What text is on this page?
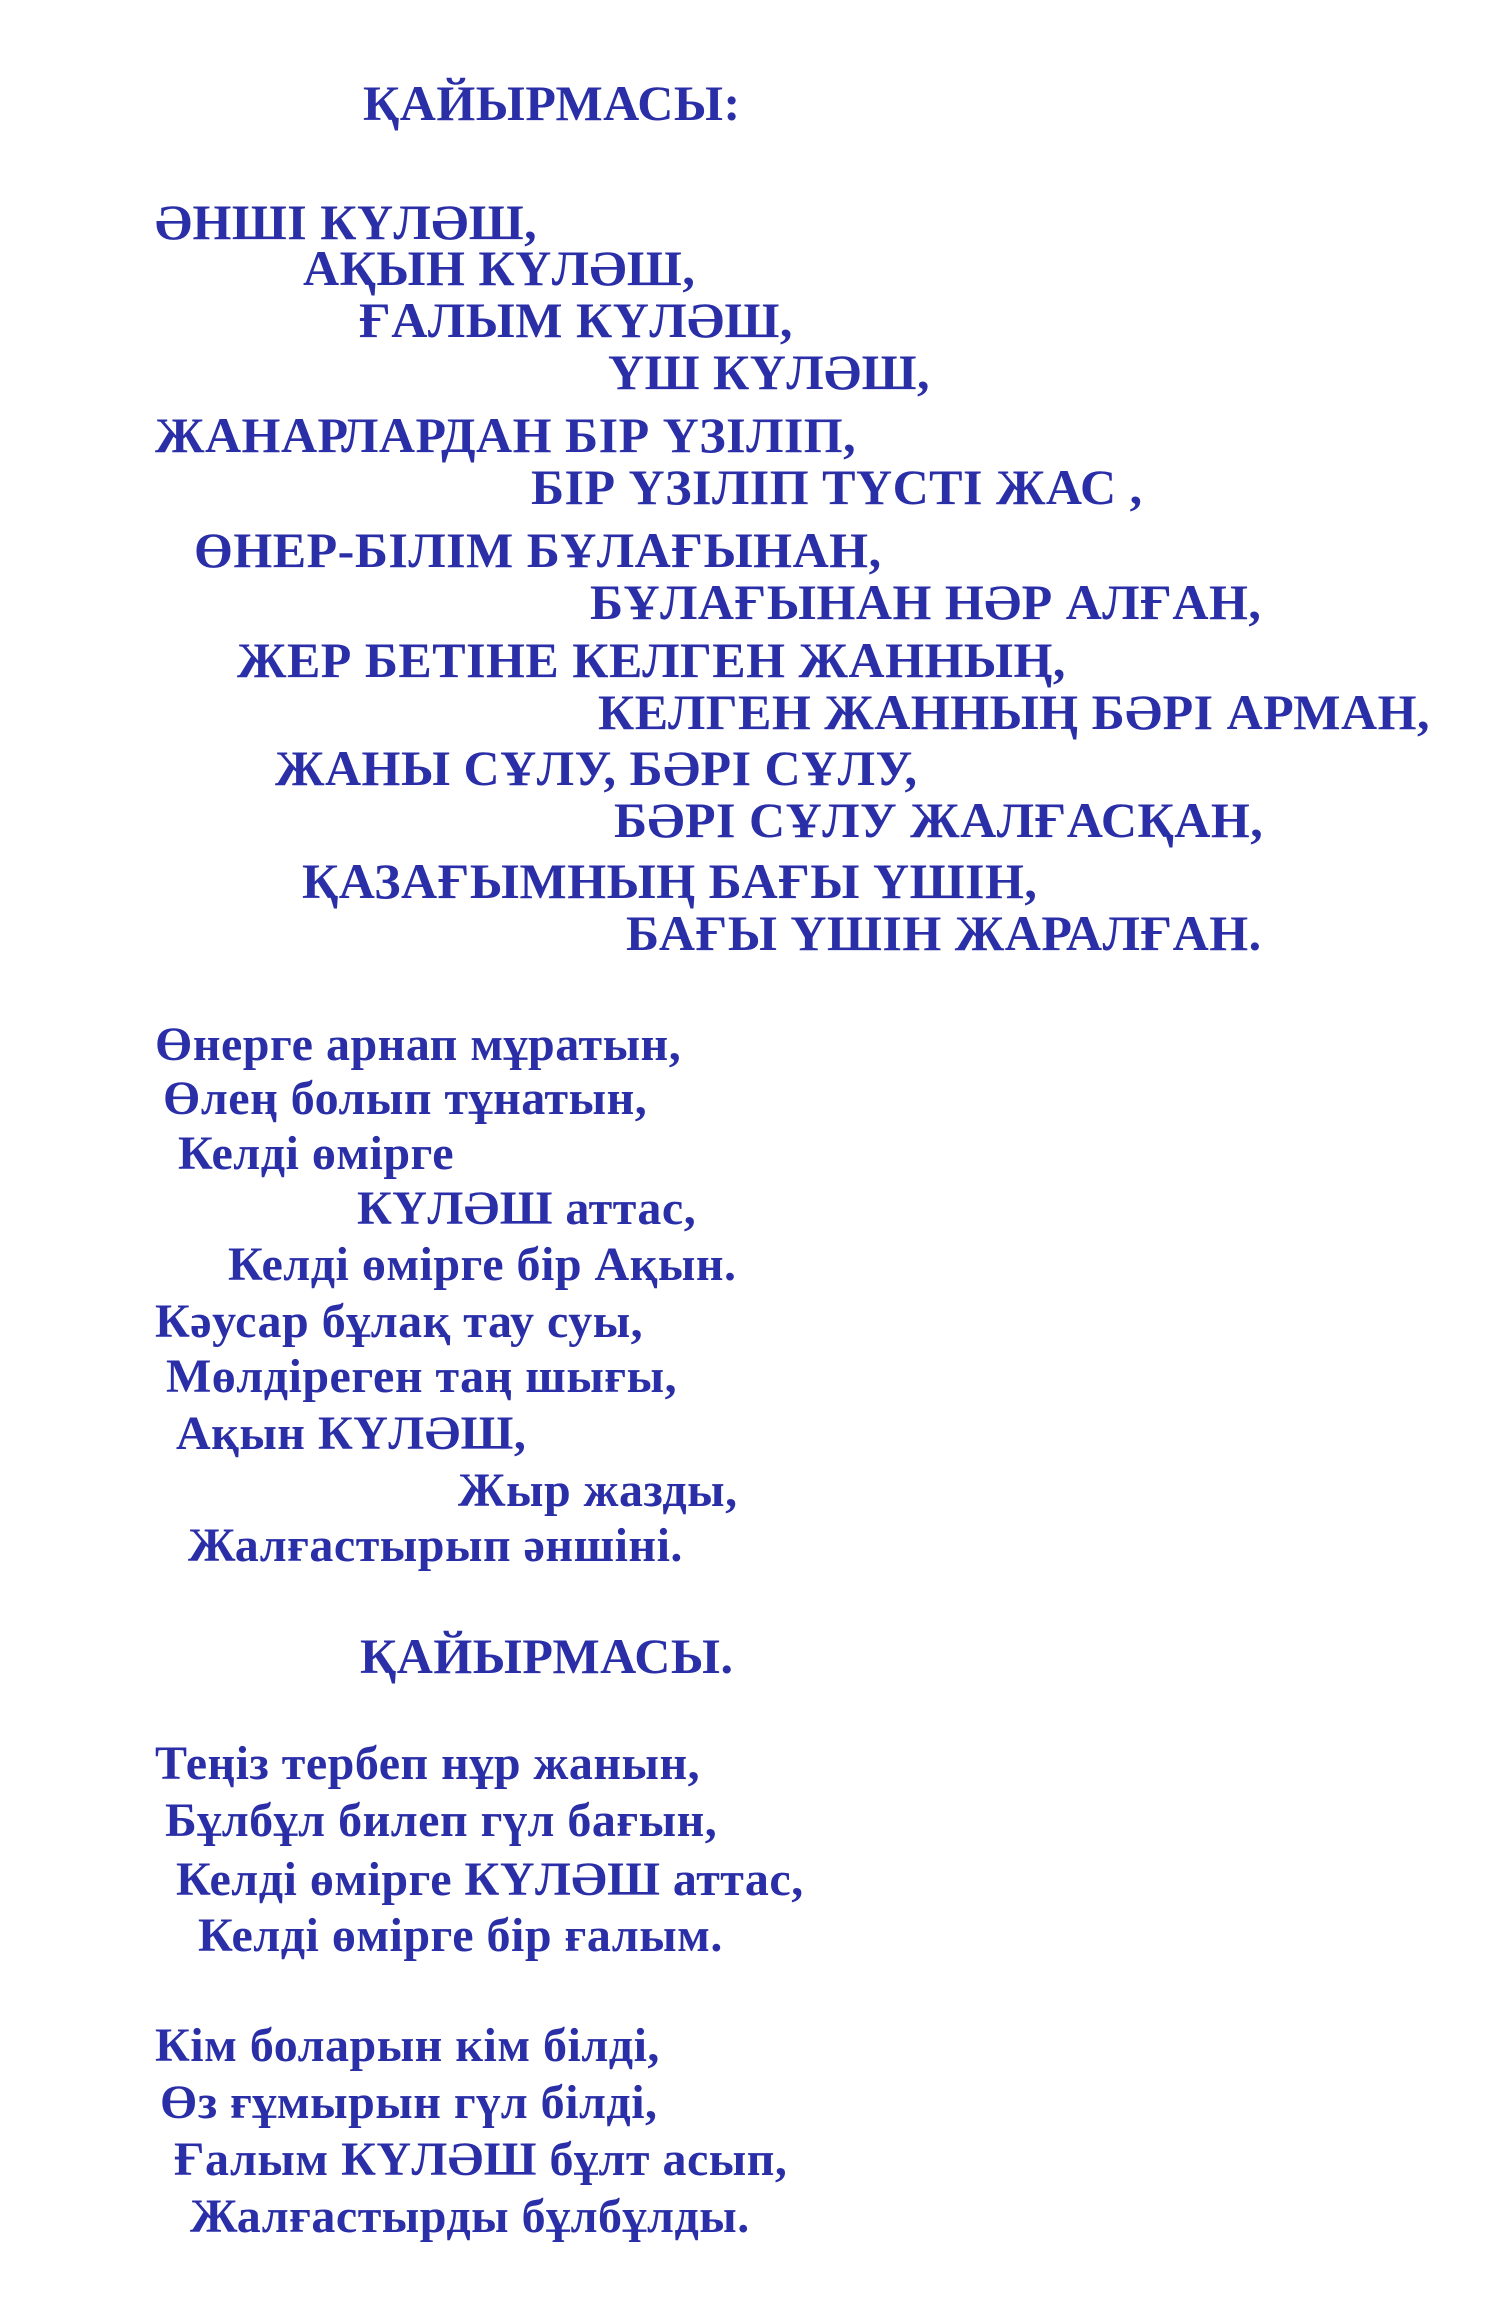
ҚАЙЫРМАСЫ:

ӘНШІ КҮЛӘШ,

АҚЫН КҮЛӘШ,

ҒАЛЫМ КҮЛӘШ,

ҮШ КҮЛӘШ,

ЖАНАРЛАРДАН БІР ҮЗІЛІП,

БІР ҮЗІЛІП ТҮСТІ ЖАС ,

ӨНЕР-БІЛІМ БҰЛАҒЫНАН,

БҰЛАҒЫНАН НӘР АЛҒАН,

ЖЕР БЕТІНЕ КЕЛГЕН ЖАННЫҢ,

КЕЛГЕН ЖАННЫҢ БӘРІ АРМАН,

ЖАНЫ СҰЛУ, БӘРІ СҰЛУ,

БӘРІ СҰЛУ ЖАЛҒАСҚАН,

ҚАЗАҒЫМНЫҢ БАҒЫ ҮШІН,

БАҒЫ ҮШІН ЖАРАЛҒАН.

Өнерге арнап мұратын,

Өлең болып тұнатын,

Келді өмірге

КҮЛӘШ аттас,

Келді өмірге бір Ақын.

Кәусар бұлақ тау суы,

Мөлдіреген таң шығы,

Ақын КҮЛӘШ,

Жыр жазды,

Жалғастырып әншіні.

ҚАЙЫРМАСЫ.

Теңіз тербеп нұр жанын,

Бұлбұл билеп гүл бағын,

Келді өмірге КҮЛӘШ аттас,

Келді өмірге бір ғалым.

Кім боларын кім білді,

Өз ғұмырын гүл білді,

Ғалым КҮЛӘШ бұлт асып,

Жалғастырды бұлбұлды.
